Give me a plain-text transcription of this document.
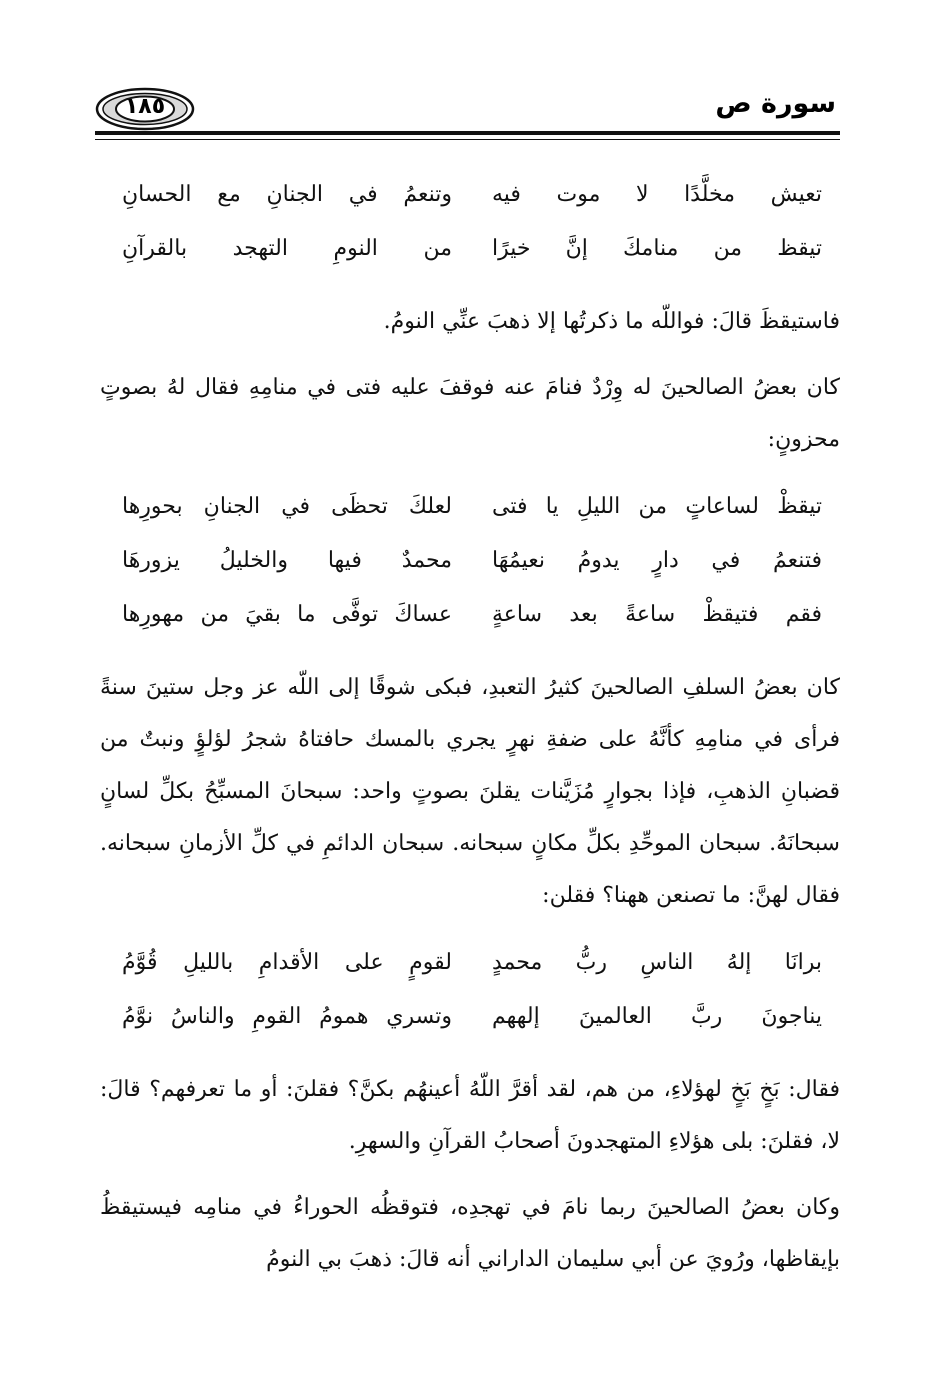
سورة ص
١٨٥
تعيش مخلَّدًا لا موت فيه
وتنعمُ في الجنانِ مع الحسانِ
تيقظ من منامكَ إنَّ خيرًا
من النومِ التهجد بالقرآنِ

فاستيقظَ قالَ: فواللّه ما ذكرتُها إلا ذهبَ عنِّي النومُ.

كان بعضُ الصالحينَ له وِرْدٌ فنامَ عنه فوقفَ عليه فتى في منامِهِ فقال لهُ بصوتٍ محزونٍ:

تيقظْ لساعاتٍ من الليلِ يا فتى
لعلكَ تحظَى في الجنانِ بحورِها
فتنعمُ في دارٍ يدومُ نعيمُهَا
محمدٌ فيها والخليلُ يزورهَا
فقم فتيقظْ ساعةً بعد ساعةٍ
عساكَ توفَّى ما بقيَ من مهورِها

كان بعضُ السلفِ الصالحينَ كثيرُ التعبدِ، فبكى شوقًا إلى اللّه عز وجل ستينَ سنةً فرأى في منامِهِ كأنَّهُ على ضفةِ نهرٍ يجري بالمسك حافتاهُ شجرُ لؤلؤٍ ونبتٌ من قضبانِ الذهبِ، فإذا بجوارٍ مُزَيَّنات يقلنَ بصوتٍ واحد: سبحانَ المسبِّحُ بكلِّ لسانٍ سبحانَهُ. سبحان الموحِّدِ بكلِّ مكانٍ سبحانه. سبحان الدائمِ في كلِّ الأزمانِ سبحانه. فقال لهنَّ: ما تصنعن ههنا؟ فقلن:

برانَا إلهُ الناسِ ربُّ محمدٍ
لقومٍ على الأقدامِ بالليلِ قُوَّمُ
يناجونَ ربَّ العالمينَ إلههم
وتسري همومُ القومِ والناسُ نوَّمُ

فقال: بَخٍ بَخٍ لهؤلاءِ، من هم، لقد أقرَّ اللّهُ أعينهُم بكنَّ؟ فقلنَ: أو ما تعرفهم؟ قالَ: لا، فقلنَ: بلى هؤلاءِ المتهجدونَ أصحابُ القرآنِ والسهرِ.

وكان بعضُ الصالحينَ ربما نامَ في تهجدِه، فتوقظُه الحوراءُ في منامِه فيستيقظُ بإيقاظها، ورُويَ عن أبي سليمان الداراني أنه قالَ: ذهبَ بي النومُ
